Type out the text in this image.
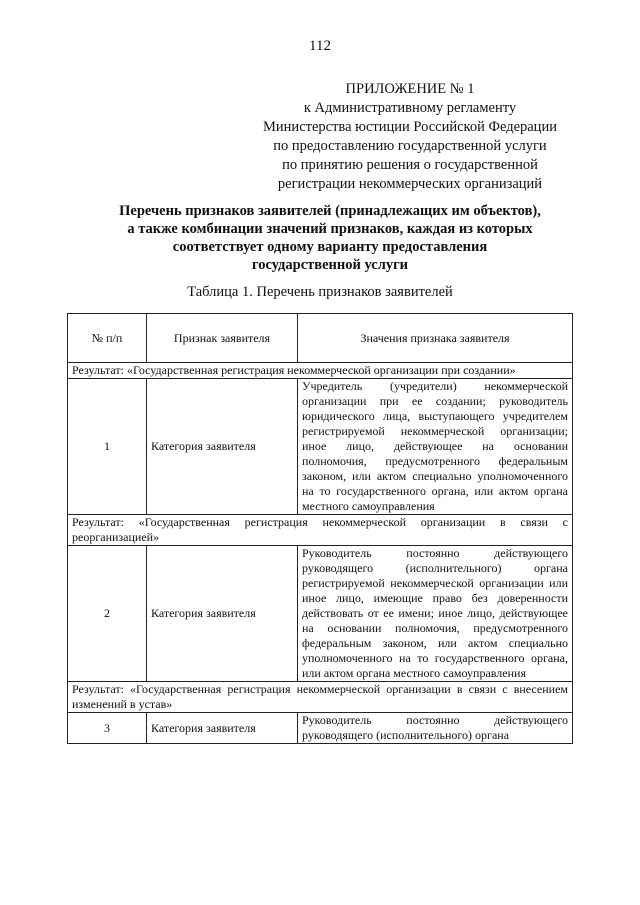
112
ПРИЛОЖЕНИЕ № 1
к Административному регламенту
Министерства юстиции Российской Федерации
по предоставлению государственной услуги
по принятию решения о государственной
регистрации некоммерческих организаций
Перечень признаков заявителей (принадлежащих им объектов),
а также комбинации значений признаков, каждая из которых
соответствует одному варианту предоставления
государственной услуги
Таблица 1. Перечень признаков заявителей
№ п/п	Признак заявителя	Значения признака заявителя
Результат: «Государственная регистрация некоммерческой организации при создании»		
1	Категория заявителя	Учредитель (учредители) некоммерческой организации при ее создании; руководитель юридического лица, выступающего учредителем регистрируемой некоммерческой организации; иное лицо, действующее на основании полномочия, предусмотренного федеральным законом, или актом специально уполномоченного на то государственного органа, или актом органа местного самоуправления
Результат: «Государственная регистрация некоммерческой организации в связи с реорганизацией»		
2	Категория заявителя	Руководитель постоянно действующего руководящего (исполнительного) органа регистрируемой некоммерческой организации или иное лицо, имеющие право без доверенности действовать от ее имени; иное лицо, действующее на основании полномочия, предусмотренного федеральным законом, или актом специально уполномоченного на то государственного органа, или актом органа местного самоуправления
Результат: «Государственная регистрация некоммерческой организации в связи с внесением изменений в устав»		
3	Категория заявителя	Руководитель постоянно действующего руководящего (исполнительного) органа
